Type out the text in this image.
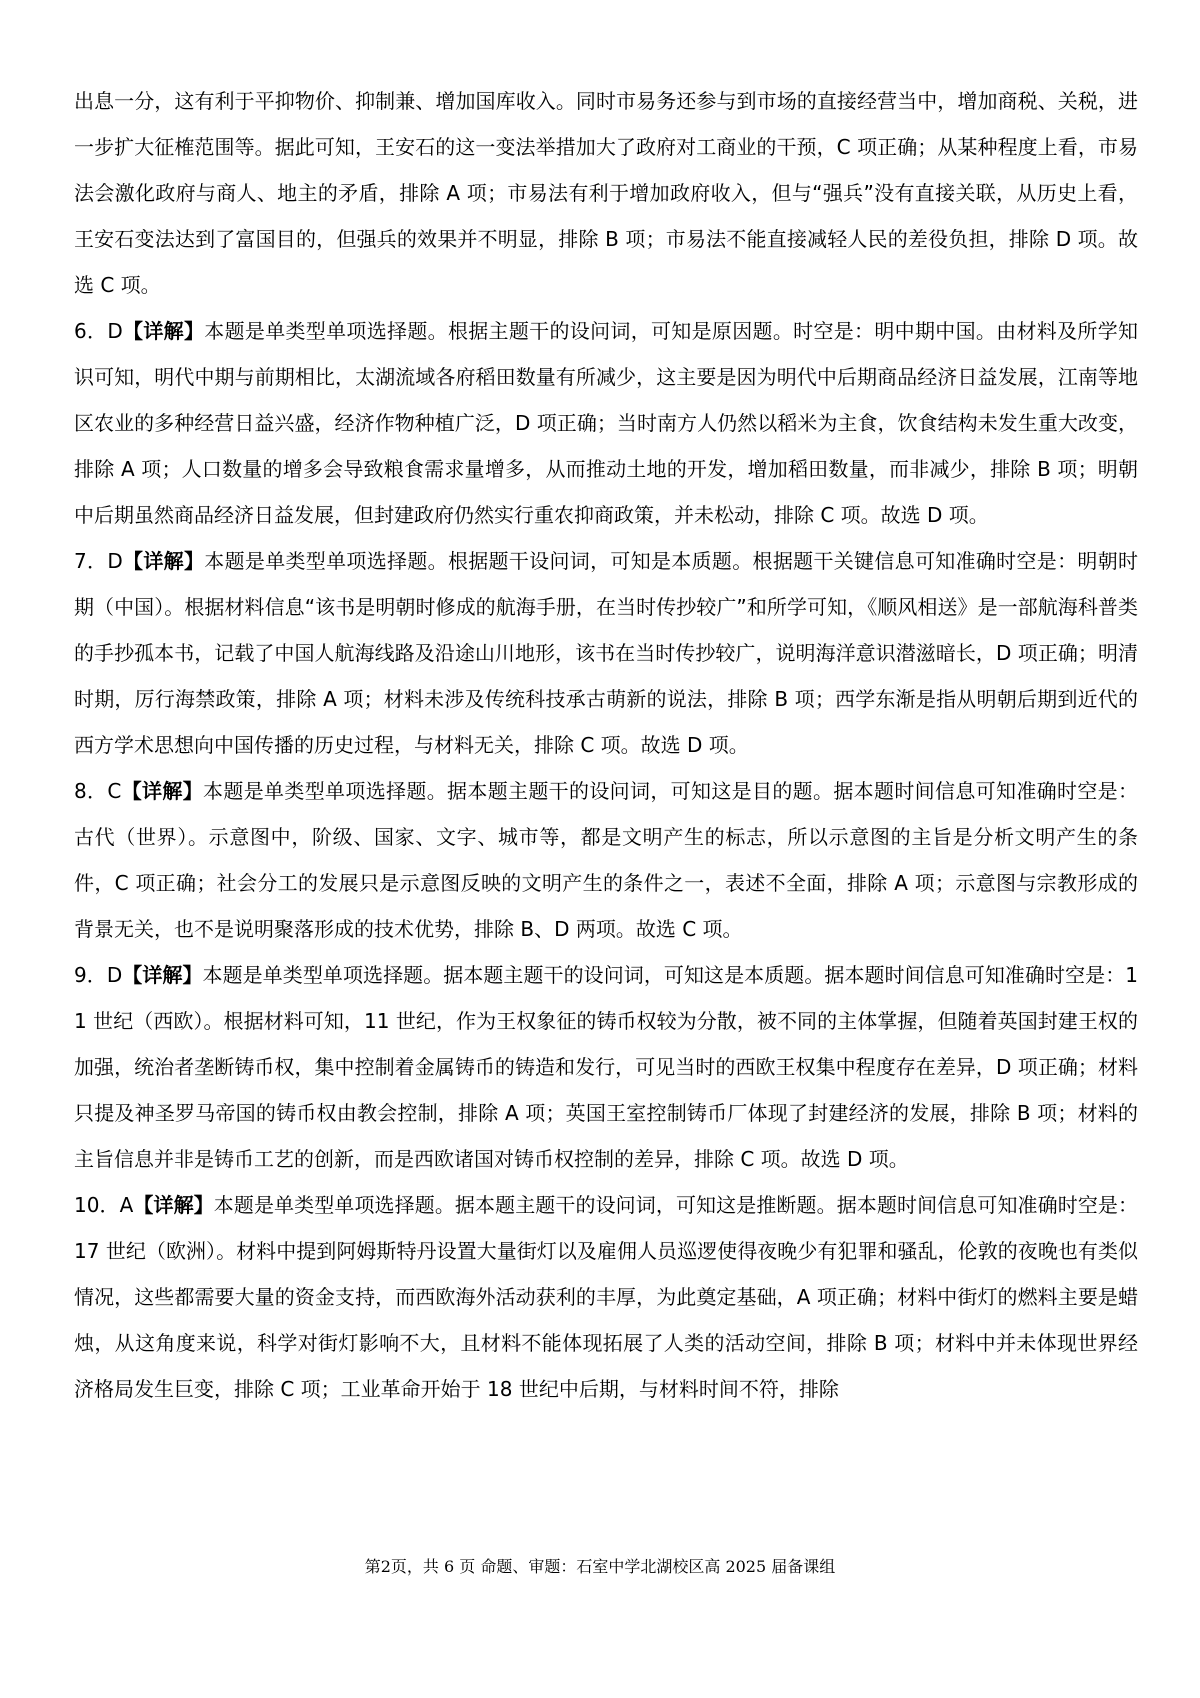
出息一分，这有利于平抑物价、抑制兼、增加国库收入。同时市易务还参与到市场的直接经营当中，增加商税、关税，进一步扩大征榷范围等。据此可知，王安石的这一变法举措加大了政府对工商业的干预，C 项正确；从某种程度上看，市易法会激化政府与商人、地主的矛盾，排除 A 项；市易法有利于增加政府收入，但与“强兵”没有直接关联，从历史上看，王安石变法达到了富国目的，但强兵的效果并不明显，排除 B 项；市易法不能直接减轻人民的差役负担，排除 D 项。故选 C 项。

6．D【详解】本题是单类型单项选择题。根据主题干的设问词，可知是原因题。时空是：明中期中国。由材料及所学知识可知，明代中期与前期相比，太湖流域各府稻田数量有所减少，这主要是因为明代中后期商品经济日益发展，江南等地区农业的多种经营日益兴盛，经济作物种植广泛，D 项正确；当时南方人仍然以稻米为主食，饮食结构未发生重大改变，排除 A 项；人口数量的增多会导致粮食需求量增多，从而推动土地的开发，增加稻田数量，而非减少，排除 B 项；明朝中后期虽然商品经济日益发展，但封建政府仍然实行重农抑商政策，并未松动，排除 C 项。故选 D 项。

7．D【详解】本题是单类型单项选择题。根据题干设问词，可知是本质题。根据题干关键信息可知准确时空是：明朝时期（中国）。根据材料信息“该书是明朝时修成的航海手册，在当时传抄较广”和所学可知，《顺风相送》是一部航海科普类的手抄孤本书，记载了中国人航海线路及沿途山川地形，该书在当时传抄较广，说明海洋意识潜滋暗长，D 项正确；明清时期，厉行海禁政策，排除 A 项；材料未涉及传统科技承古萌新的说法，排除 B 项；西学东渐是指从明朝后期到近代的西方学术思想向中国传播的历史过程，与材料无关，排除 C 项。故选 D 项。

8．C【详解】本题是单类型单项选择题。据本题主题干的设问词，可知这是目的题。据本题时间信息可知准确时空是：古代（世界）。示意图中，阶级、国家、文字、城市等，都是文明产生的标志，所以示意图的主旨是分析文明产生的条件，C 项正确；社会分工的发展只是示意图反映的文明产生的条件之一，表述不全面，排除 A 项；示意图与宗教形成的背景无关，也不是说明聚落形成的技术优势，排除 B、D 两项。故选 C 项。

9．D【详解】本题是单类型单项选择题。据本题主题干的设问词，可知这是本质题。据本题时间信息可知准确时空是：11 世纪（西欧）。根据材料可知，11 世纪，作为王权象征的铸币权较为分散，被不同的主体掌握，但随着英国封建王权的加强，统治者垄断铸币权，集中控制着金属铸币的铸造和发行，可见当时的西欧王权集中程度存在差异，D 项正确；材料只提及神圣罗马帝国的铸币权由教会控制，排除 A 项；英国王室控制铸币厂体现了封建经济的发展，排除 B 项；材料的主旨信息并非是铸币工艺的创新，而是西欧诸国对铸币权控制的差异，排除 C 项。故选 D 项。

10．A【详解】本题是单类型单项选择题。据本题主题干的设问词，可知这是推断题。据本题时间信息可知准确时空是：17 世纪（欧洲）。材料中提到阿姆斯特丹设置大量街灯以及雇佣人员巡逻使得夜晚少有犯罪和骚乱，伦敦的夜晚也有类似情况，这些都需要大量的资金支持，而西欧海外活动获利的丰厚，为此奠定基础，A 项正确；材料中街灯的燃料主要是蜡烛，从这角度来说，科学对街灯影响不大，且材料不能体现拓展了人类的活动空间，排除 B 项；材料中并未体现世界经济格局发生巨变，排除 C 项；工业革命开始于 18 世纪中后期，与材料时间不符，排除

第2页，共 6 页 命题、审题：石室中学北湖校区高 2025 届备课组
